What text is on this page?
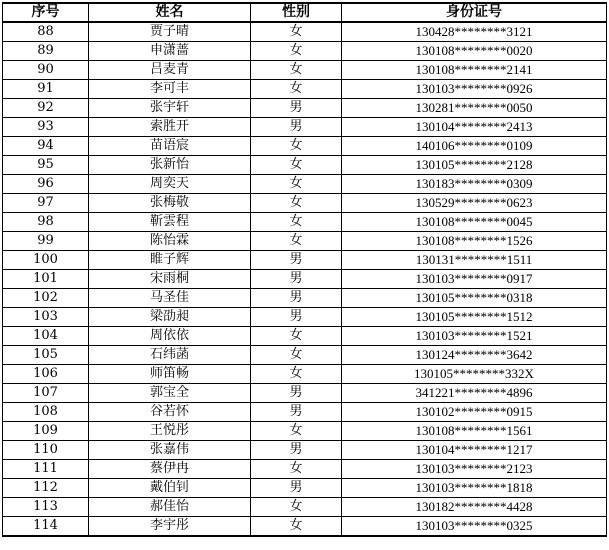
序号	姓名	性别	身份证号
88	贾子晴	女	130428********3121
89	申潇蔷	女	130108********0020
90	吕麦青	女	130108********2141
91	李可丰	女	130103********0926
92	张宇轩	男	130281********0050
93	索胜开	男	130104********2413
94	苗语宸	女	140106********0109
95	张新怡	女	130105********2128
96	周奕天	女	130183********0309
97	张梅敬	女	130529********0623
98	靳雲程	女	130108********0045
99	陈怡霖	女	130108********1526
100	睢子辉	男	130131********1511
101	宋雨桐	男	130103********0917
102	马圣佳	男	130105********0318
103	梁劭昶	男	130105********1512
104	周依依	女	130103********1521
105	石纬菡	女	130124********3642
106	师笛畅	女	130105********332X
107	郭宝全	男	341221********4896
108	谷若怀	男	130102********0915
109	王悦彤	女	130108********1561
110	张嘉伟	男	130104********1217
111	蔡伊冉	女	130103********2123
112	戴伯钊	男	130103********1818
113	郝佳怡	女	130182********4428
114	李宇彤	女	130103********0325
